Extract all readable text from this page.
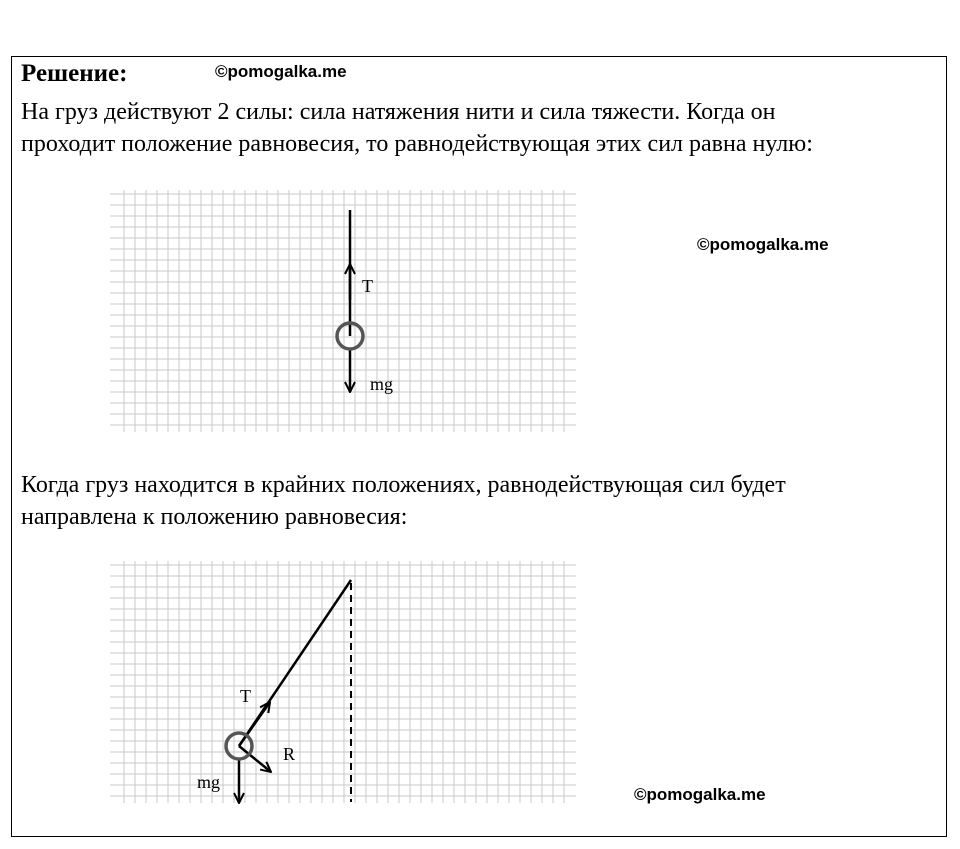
Решение:	©pomogalka.me
На груз действуют 2 силы: сила натяжения нити и сила тяжести. Когда он
проходит положение равновесия, то равнодействующая этих сил равна нулю:
©pomogalka.me
Когда груз находится в крайних положениях, равнодействующая сил будет
направлена к положению равновесия:
©pomogalka.me
T
mg
T
R
mg
